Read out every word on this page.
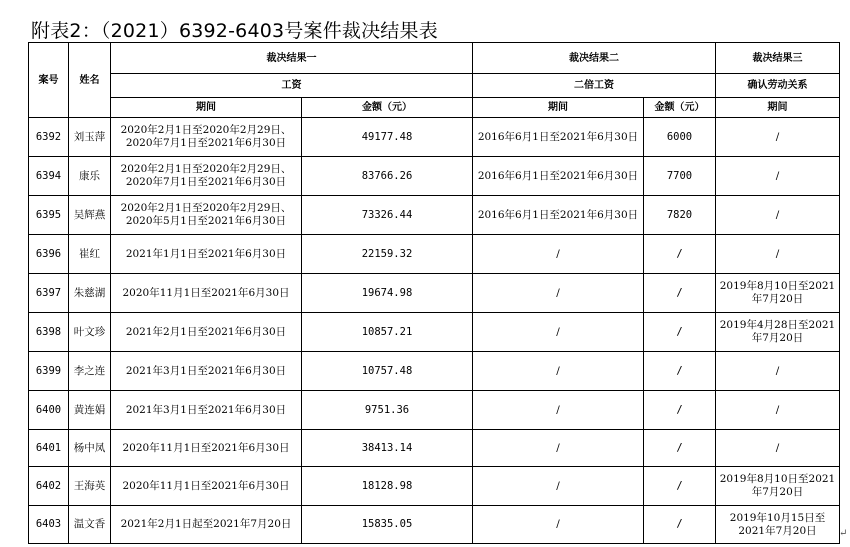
附表2：（2021）6392-6403号案件裁决结果表
案号	姓名	裁决结果一		裁决结果二		裁决结果三
		工资		二倍工资		确认劳动关系
		期间	金额（元）	期间	金额（元）	期间
6392	刘玉萍	2020年2月1日至2020年2月29日、2020年7月1日至2021年6月30日	49177.48	2016年6月1日至2021年6月30日	6000	/
6394	康乐	2020年2月1日至2020年2月29日、2020年7月1日至2021年6月30日	83766.26	2016年6月1日至2021年6月30日	7700	/
6395	吴辉燕	2020年2月1日至2020年2月29日、2020年5月1日至2021年6月30日	73326.44	2016年6月1日至2021年6月30日	7820	/
6396	崔红	2021年1月1日至2021年6月30日	22159.32	/	/	/
6397	朱慈湖	2020年11月1日至2021年6月30日	19674.98	/	/	2019年8月10日至2021年7月20日
6398	叶文珍	2021年2月1日至2021年6月30日	10857.21	/	/	2019年4月28日至2021年7月20日
6399	李之连	2021年3月1日至2021年6月30日	10757.48	/	/	/
6400	黄连娟	2021年3月1日至2021年6月30日	9751.36	/	/	/
6401	杨中凤	2020年11月1日至2021年6月30日	38413.14	/	/	/
6402	王海英	2020年11月1日至2021年6月30日	18128.98	/	/	2019年8月10日至2021年7月20日
6403	温文香	2021年2月1日起至2021年7月20日	15835.05	/	/	2019年10月15日至2021年7月20日 ↵
